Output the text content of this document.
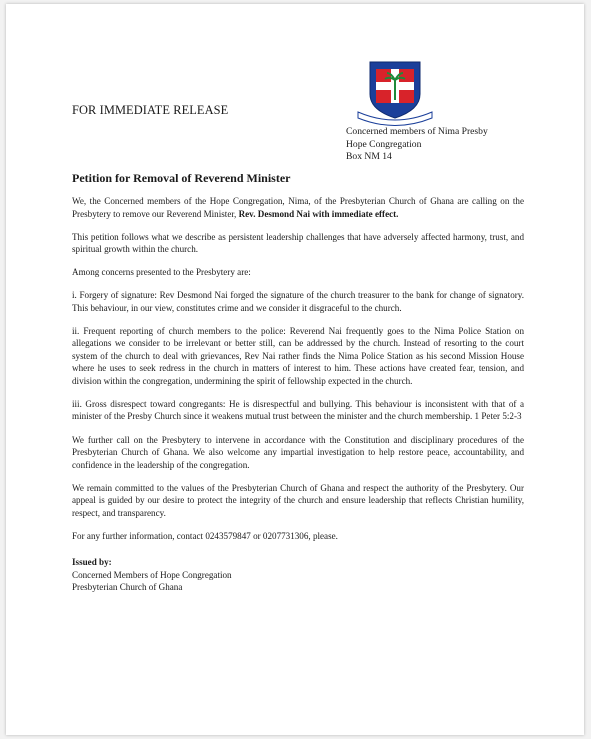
FOR IMMEDIATE RELEASE
Concerned members of Nima Presby
Hope Congregation
Box NM 14
Petition for Removal of Reverend Minister

We, the Concerned members of the Hope Congregation, Nima, of the Presbyterian Church of Ghana are calling on the Presbytery to remove our Reverend Minister, Rev. Desmond Nai with immediate effect.

This petition follows what we describe as persistent leadership challenges that have adversely affected harmony, trust, and spiritual growth within the church.

Among concerns presented to the Presbytery are:

i. Forgery of signature: Rev Desmond Nai forged the signature of the church treasurer to the bank for change of signatory. This behaviour, in our view, constitutes crime and we consider it disgraceful to the church.

ii. Frequent reporting of church members to the police: Reverend Nai frequently goes to the Nima Police Station on allegations we consider to be irrelevant or better still, can be addressed by the church. Instead of resorting to the court system of the church to deal with grievances, Rev Nai rather finds the Nima Police Station as his second Mission House where he uses to seek redress in the church in matters of interest to him. These actions have created fear, tension, and division within the congregation, undermining the spirit of fellowship expected in the church.

iii. Gross disrespect toward congregants: He is disrespectful and bullying. This behaviour is inconsistent with that of a minister of the Presby Church since it weakens mutual trust between the minister and the church membership. 1 Peter 5:2-3

We further call on the Presbytery to intervene in accordance with the Constitution and disciplinary procedures of the Presbyterian Church of Ghana. We also welcome any impartial investigation to help restore peace, accountability, and confidence in the leadership of the congregation.

We remain committed to the values of the Presbyterian Church of Ghana and respect the authority of the Presbytery. Our appeal is guided by our desire to protect the integrity of the church and ensure leadership that reflects Christian humility, respect, and transparency.

For any further information, contact 0243579847 or 0207731306, please.

Issued by:
Concerned Members of Hope Congregation
Presbyterian Church of Ghana
